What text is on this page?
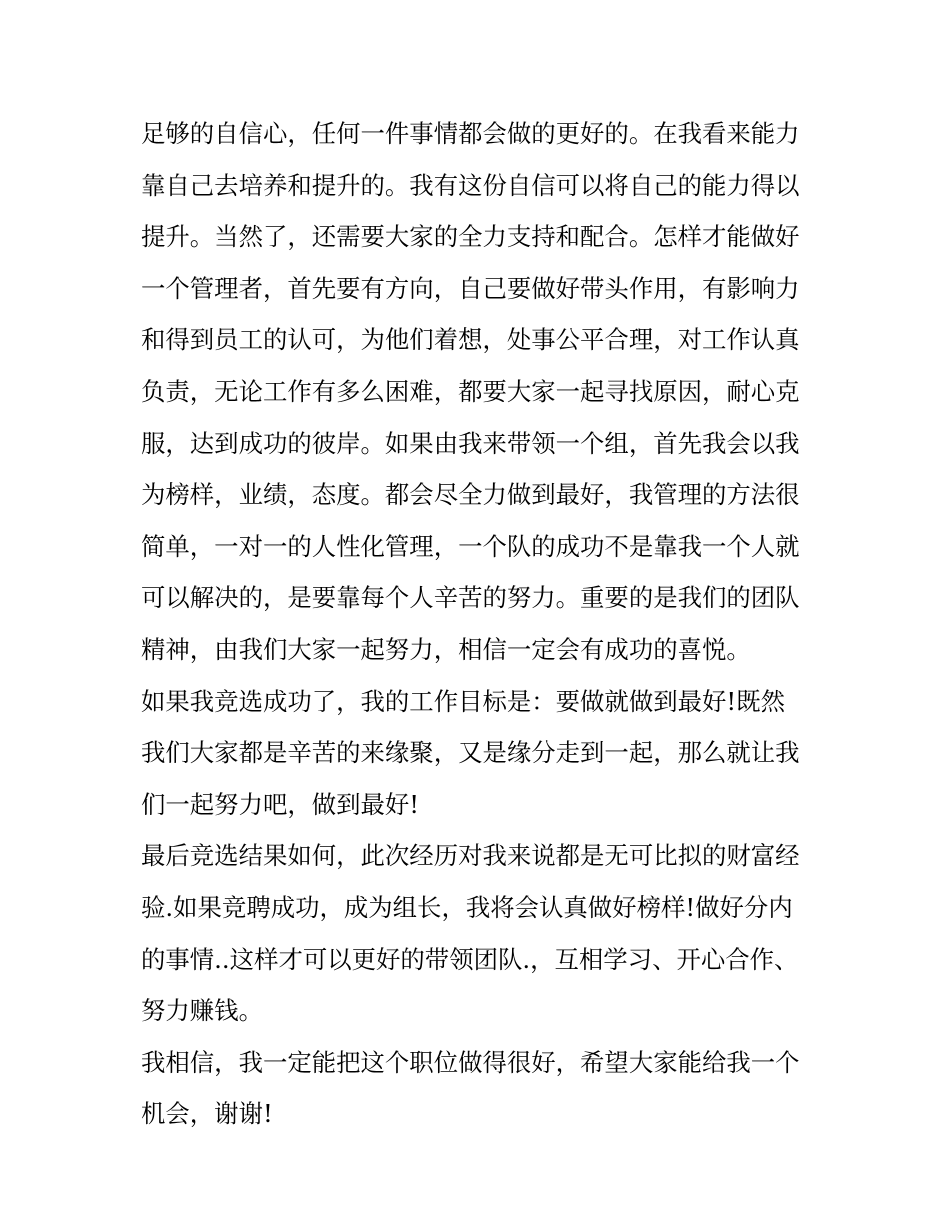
足够的自信心，任何一件事情都会做的更好的。在我看来能力
靠自己去培养和提升的。我有这份自信可以将自己的能力得以
提升。当然了，还需要大家的全力支持和配合。怎样才能做好
一个管理者，首先要有方向，自己要做好带头作用，有影响力
和得到员工的认可，为他们着想，处事公平合理，对工作认真
负责，无论工作有多么困难，都要大家一起寻找原因，耐心克
服，达到成功的彼岸。如果由我来带领一个组，首先我会以我
为榜样，业绩，态度。都会尽全力做到最好，我管理的方法很
简单，一对一的人性化管理，一个队的成功不是靠我一个人就
可以解决的，是要靠每个人辛苦的努力。重要的是我们的团队
精神，由我们大家一起努力，相信一定会有成功的喜悦。
如果我竞选成功了，我的工作目标是：要做就做到最好!既然
我们大家都是辛苦的来缘聚，又是缘分走到一起，那么就让我
们一起努力吧，做到最好!
最后竞选结果如何，此次经历对我来说都是无可比拟的财富经
验.如果竞聘成功，成为组长，我将会认真做好榜样!做好分内
的事情..这样才可以更好的带领团队.，互相学习、开心合作、
努力赚钱。
我相信，我一定能把这个职位做得很好，希望大家能给我一个
机会，谢谢!
